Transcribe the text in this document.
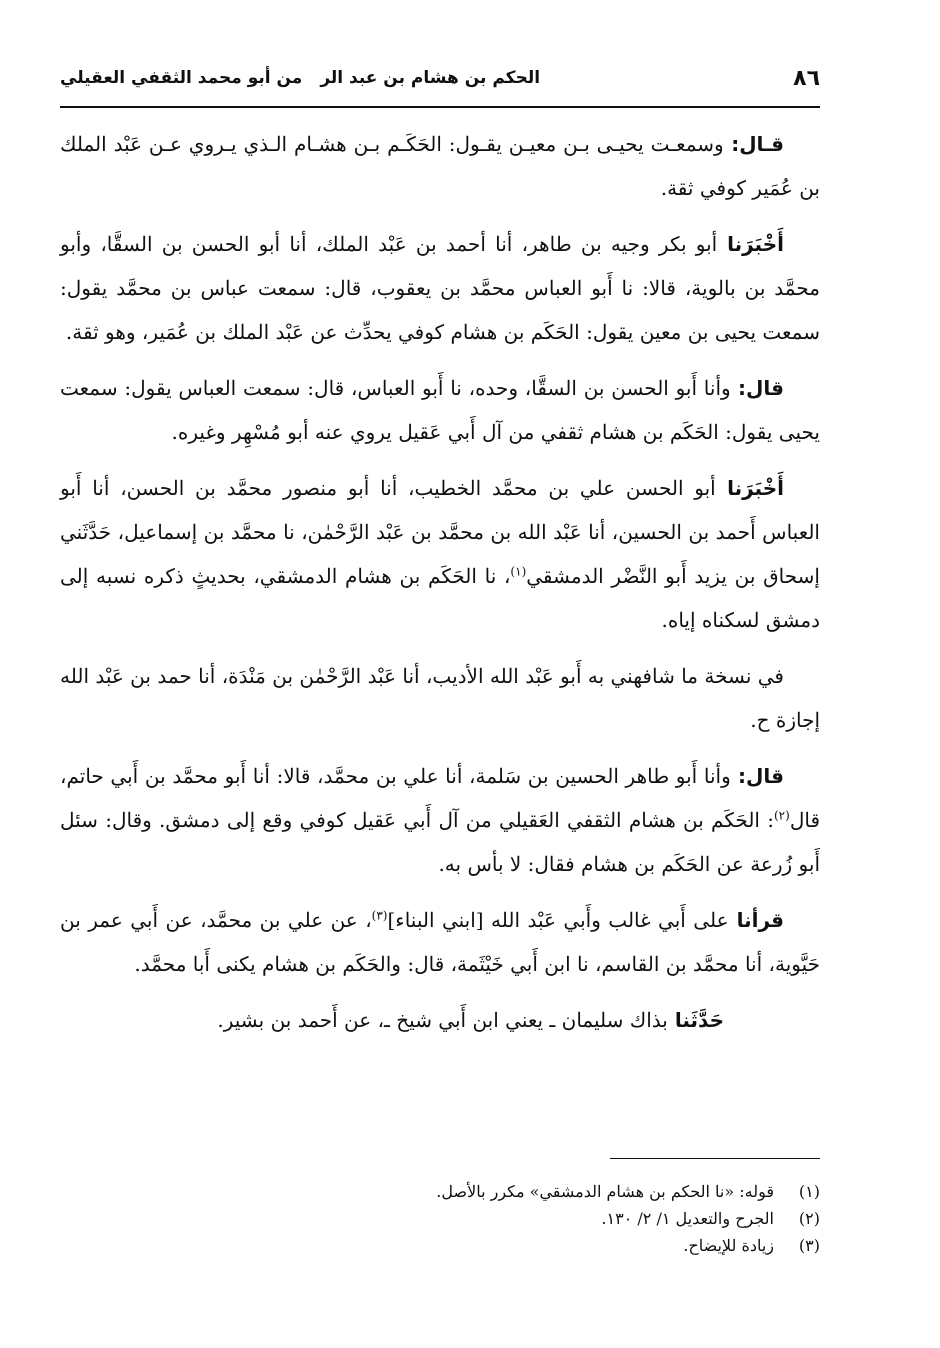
٨٦
الحكم بن هشام بن عبد الرمن أبو محمد الثقفي العقيلي

قـال:وسمعـت يحيـى بـن معيـن يقـول: الحَكَـم بـن هشـام الـذي يـروي عـن عَبْد الملك بن عُمَير كوفي ثقة.

أَخْبَرَناأبو بكر وجيه بن طاهر، أنا أحمد بن عَبْد الملك، أنا أبو الحسن بن السقَّا، وأبو محمَّد بن بالوية، قالا: نا أَبو العباس محمَّد بن يعقوب، قال: سمعت عباس بن محمَّد يقول: سمعت يحيى بن معين يقول: الحَكَم بن هشام كوفي يحدِّث عن عَبْد الملك بن عُمَير، وهو ثقة.

قال:وأنا أَبو الحسن بن السقَّا، وحده، نا أَبو العباس، قال: سمعت العباس يقول: سمعت يحيى يقول: الحَكَم بن هشام ثقفي من آل أَبي عَقيل يروي عنه أبو مُسْهِر وغيره.

أَخْبَرَناأبو الحسن علي بن محمَّد الخطيب، أنا أبو منصور محمَّد بن الحسن، أنا أَبو العباس أَحمد بن الحسين، أنا عَبْد الله بن محمَّد بن عَبْد الرَّحْمٰن، نا محمَّد بن إسماعيل، حَدَّثَني إسحاق بن يزيد أَبو النَّضْر الدمشقي$^{(١)}$، نا الحَكَم بن هشام الدمشقي، بحديثٍ ذكره نسبه إلى دمشق لسكناه إياه.

في نسخة ما شافهني به أَبو عَبْد الله الأديب، أنا عَبْد الرَّحْمٰن بن مَنْدَة، أنا حمد بن عَبْد الله إجازة ح.

قال:وأنا أَبو طاهر الحسين بن سَلمة، أنا علي بن محمَّد، قالا: أنا أَبو محمَّد بن أَبي حاتم، قال$^{(٢)}$: الحَكَم بن هشام الثقفي العَقيلي من آل أَبي عَقيل كوفي وقع إلى دمشق. وقال: سئل أَبو زُرعة عن الحَكَم بن هشام فقال: لا بأس به.

قرأناعلى أَبي غالب وأَبي عَبْد الله [ابني البناء]$^{(٣)}$، عن علي بن محمَّد، عن أَبي عمر بن حَيَّوية، أنا محمَّد بن القاسم، نا ابن أَبي خَيْثَمة، قال: والحَكَم بن هشام يكنى أَبا محمَّد.

حَدَّثَنابذاك سليمان ـ يعني ابن أَبي شيخ ـ، عن أَحمد بن بشير.

(١)قوله: «نا الحكم بن هشام الدمشقي» مكرر بالأصل.

(٢)الجرح والتعديل ١/ ٢/ ١٣٠.

(٣)زيادة للإيضاح.
